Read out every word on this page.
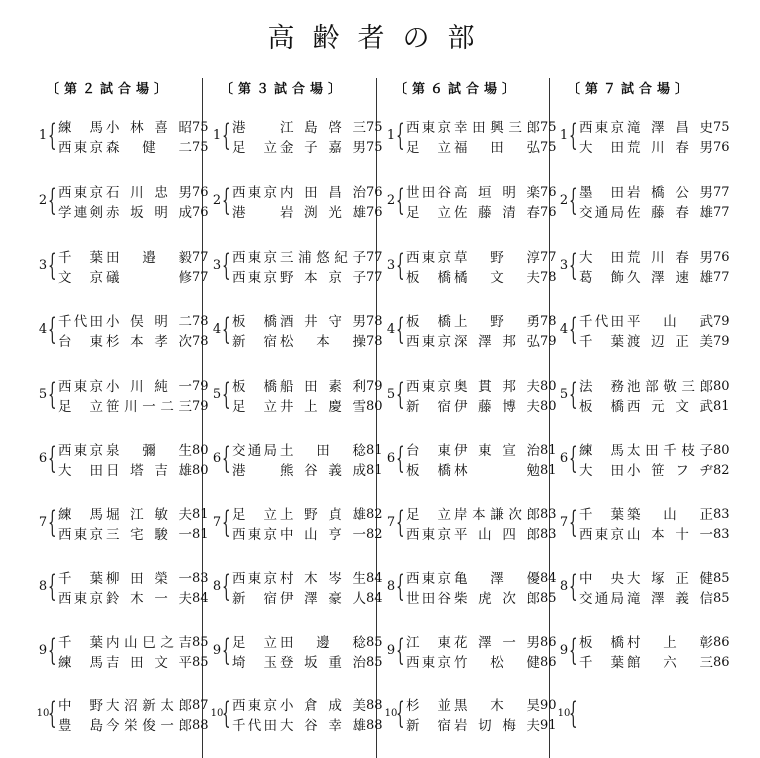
高齢者の部
〔第２試合場〕
1 { 練馬 小林喜昭 75
西東京 森健二 75
2 { 西東京 石川忠男 76
学連剣 赤坂明成 76
3 { 千葉 田邉毅 77
文京 礒修 77
4 { 千代田 小俣明二 78
台東 杉本孝次 78
5 { 西東京 小川純一 79
足立 笹川一二三 79
6 { 西東京 泉彌生 80
大田 日塔吉雄 80
7 { 練馬 堀江敏夫 81
西東京 三宅駿一 81
8 { 千葉 柳田榮一 83
西東京 鈴木一夫 84
9 { 千葉 内山巳之吉 85
練馬 吉田文平 85
10
{ 中野 大沼新太郎 87
豊島 今栄俊一郎 88
〔第３試合場〕
1 { 港	江島啓三 75
足立 金子嘉男 75
2 { 西東京 内田昌治 76
港	岩渕光雄 76
3 { 西東京 三浦悠紀子 77
西東京 野本京子 77
4 { 板橋 酒井守男 78
新宿 松本操 78
5 { 板橋 船田素利 79
足立 井上慶雪 80
6 { 交通局 土田稔 81
港	熊谷義成 81
7 { 足立 上野貞雄 82
西東京 中山亨一 82
8 { 西東京 村木岑生 84
新宿 伊澤豪人 84
9 { 足立 田邊稔 85
埼玉 登坂重治 85
10
{ 西東京 小倉成美 88
千代田 大谷幸雄 88
〔第６試合場〕
1 { 西東京 幸田興三郎 75
足立 福田弘 75
2 { 世田谷 高垣明楽 76
足立 佐藤清春 76
3 { 西東京 草野淳 77
板橋 橘文夫 78
4 { 板橋 上野勇 78
西東京 深澤邦弘 79
5 { 西東京 奥貫邦夫 80
新宿 伊藤博夫 80
6 { 台東 伊東宣治 81
板橋 林勉 81
7 { 足立 岸本謙次郎 83
西東京 平山四郎 83
8 { 西東京 亀澤優 84
世田谷 柴虎次郎 85
9 { 江東 花澤一男 86
西東京 竹松健 86
10
{ 杉並 黒木昊 90
新宿 岩切梅夫 91
〔第７試合場〕
1 { 西東京 滝澤昌史 75
大田 荒川春男 76
2 { 墨田 岩橋公男 77
交通局 佐藤春雄 77
3 { 大田 荒川春男 76
葛飾 久澤速雄 77
4 { 千代田 平山武 79
千葉 渡辺正美 79
5 { 法務 池部敬三郎 80
板橋 西元文武 81
6 { 練馬 太田千枝子 80
大田 小笹フヂ 82
7 { 千葉 築山正 83
西東京 山本十一 83
8 { 中央 大塚正健 85
交通局 滝澤義信 85
9 { 板橋 村上彰 86
千葉 館六三 86
10
{
